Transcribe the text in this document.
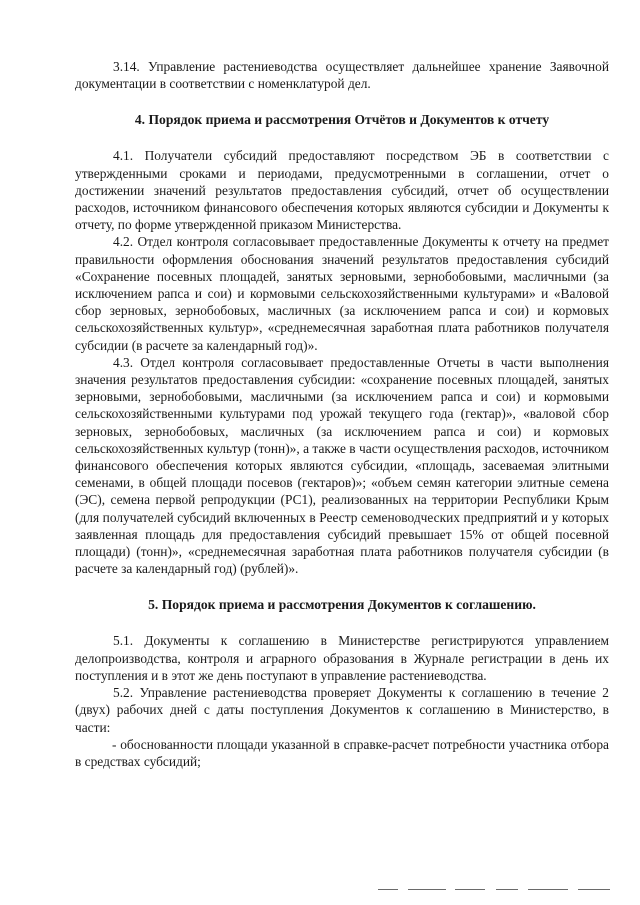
3.14. Управление растениеводства осуществляет дальнейшее хранение Заявочной документации в соответствии с номенклатурой дел.

4. Порядок приема и рассмотрения Отчётов и Документов к отчету

4.1. Получатели субсидий предоставляют посредством ЭБ в соответствии с утвержденными сроками и периодами, предусмотренными в соглашении, отчет о достижении значений результатов предоставления субсидий, отчет об осуществлении расходов, источником финансового обеспечения которых являются субсидии и Документы к отчету, по форме утвержденной приказом Министерства.

4.2. Отдел контроля согласовывает предоставленные Документы к отчету на предмет правильности оформления обоснования значений результатов предоставления субсидий «Сохранение посевных площадей, занятых зерновыми, зернобобовыми, масличными (за исключением рапса и сои) и кормовыми сельскохозяйственными культурами» и «Валовой сбор зерновых, зернобобовых, масличных (за исключением рапса и сои) и кормовых сельскохозяйственных культур», «среднемесячная заработная плата работников получателя субсидии (в расчете за календарный год)».

4.3. Отдел контроля согласовывает предоставленные Отчеты в части выполнения значения результатов предоставления субсидии: «сохранение посевных площадей, занятых зерновыми, зернобобовыми, масличными (за исключением рапса и сои) и кормовыми сельскохозяйственными культурами под урожай текущего года (гектар)», «валовой сбор зерновых, зернобобовых, масличных (за исключением рапса и сои) и кормовых сельскохозяйственных культур (тонн)», а также в части осуществления расходов, источником финансового обеспечения которых являются субсидии, «площадь, засеваемая элитными семенами, в общей площади посевов (гектаров)»; «объем семян категории элитные семена (ЭС), семена первой репродукции (РС1), реализованных на территории Республики Крым (для получателей субсидий включенных в Реестр семеноводческих предприятий и у которых заявленная площадь для предоставления субсидий превышает 15% от общей посевной площади) (тонн)», «среднемесячная заработная плата работников получателя субсидии (в расчете за календарный год) (рублей)».

5. Порядок приема и рассмотрения Документов к соглашению.

5.1. Документы к соглашению в Министерстве регистрируются управлением делопроизводства, контроля и аграрного образования в Журнале регистрации в день их поступления и в этот же день поступают в управление растениеводства.

5.2. Управление растениеводства проверяет Документы к соглашению в течение 2 (двух) рабочих дней с даты поступления Документов к соглашению в Министерство, в части:

- обоснованности площади указанной в справке-расчет потребности участника отбора в средствах субсидий;
